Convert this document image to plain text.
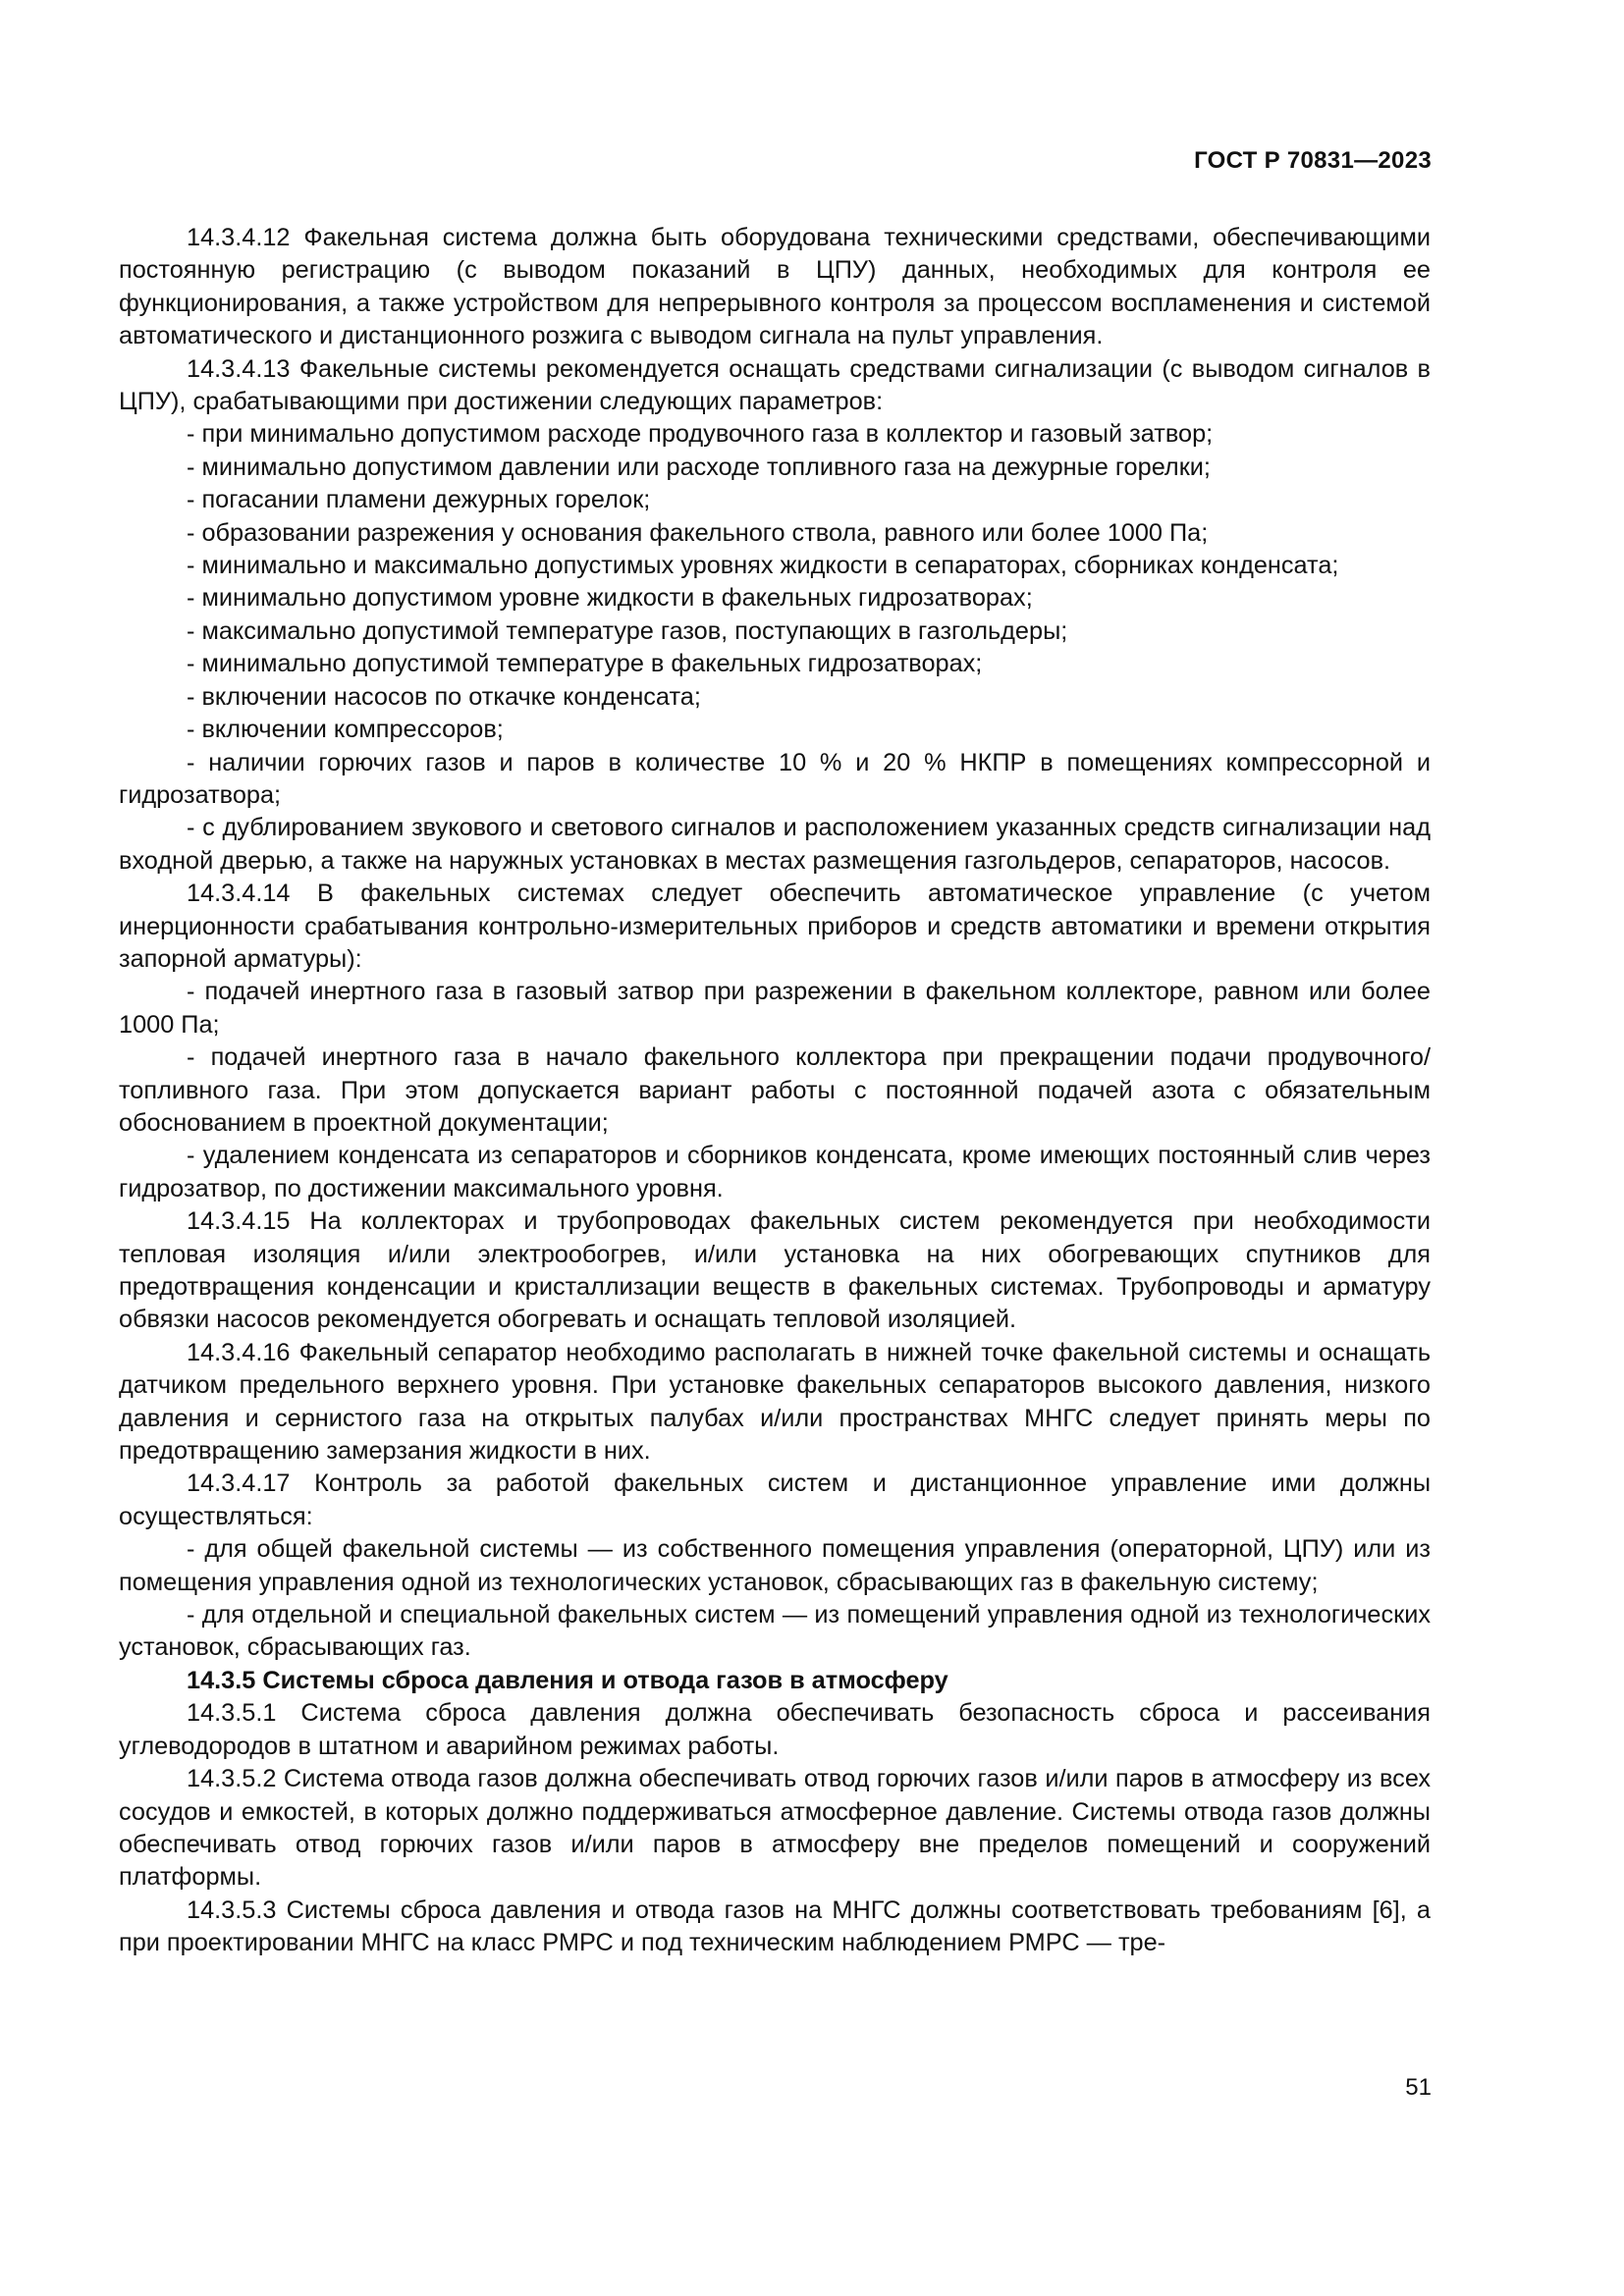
ГОСТ Р 70831—2023

14.3.4.12 Факельная система должна быть оборудована техническими средствами, обеспечивающими постоянную регистрацию (с выводом показаний в ЦПУ) данных, необходимых для контроля ее функционирования, а также устройством для непрерывного контроля за процессом воспламенения и системой автоматического и дистанционного розжига с выводом сигнала на пульт управления.

14.3.4.13 Факельные системы рекомендуется оснащать средствами сигнализации (с выводом сигналов в ЦПУ), срабатывающими при достижении следующих параметров:

- при минимально допустимом расходе продувочного газа в коллектор и газовый затвор;

- минимально допустимом давлении или расходе топливного газа на дежурные горелки;

- погасании пламени дежурных горелок;

- образовании разрежения у основания факельного ствола, равного или более 1000 Па;

- минимально и максимально допустимых уровнях жидкости в сепараторах, сборниках конденсата;

- минимально допустимом уровне жидкости в факельных гидрозатворах;

- максимально допустимой температуре газов, поступающих в газгольдеры;

- минимально допустимой температуре в факельных гидрозатворах;

- включении насосов по откачке конденсата;

- включении компрессоров;

- наличии горючих газов и паров в количестве 10 % и 20 % НКПР в помещениях компрессорной и гидрозатвора;

- с дублированием звукового и светового сигналов и расположением указанных средств сигнализации над входной дверью, а также на наружных установках в местах размещения газгольдеров, сепараторов, насосов.

14.3.4.14 В факельных системах следует обеспечить автоматическое управление (с учетом инерционности срабатывания контрольно-измерительных приборов и средств автоматики и времени открытия запорной арматуры):

- подачей инертного газа в газовый затвор при разрежении в факельном коллекторе, равном или более 1000 Па;

- подачей инертного газа в начало факельного коллектора при прекращении подачи продувочного/топливного газа. При этом допускается вариант работы с постоянной подачей азота с обязательным обоснованием в проектной документации;

- удалением конденсата из сепараторов и сборников конденсата, кроме имеющих постоянный слив через гидрозатвор, по достижении максимального уровня.

14.3.4.15 На коллекторах и трубопроводах факельных систем рекомендуется при необходимости тепловая изоляция и/или электрообогрев, и/или установка на них обогревающих спутников для предотвращения конденсации и кристаллизации веществ в факельных системах. Трубопроводы и арматуру обвязки насосов рекомендуется обогревать и оснащать тепловой изоляцией.

14.3.4.16 Факельный сепаратор необходимо располагать в нижней точке факельной системы и оснащать датчиком предельного верхнего уровня. При установке факельных сепараторов высокого давления, низкого давления и сернистого газа на открытых палубах и/или пространствах МНГС следует принять меры по предотвращению замерзания жидкости в них.

14.3.4.17 Контроль за работой факельных систем и дистанционное управление ими должны осуществляться:

- для общей факельной системы — из собственного помещения управления (операторной, ЦПУ) или из помещения управления одной из технологических установок, сбрасывающих газ в факельную систему;

- для отдельной и специальной факельных систем — из помещений управления одной из технологических установок, сбрасывающих газ.

14.3.5 Системы сброса давления и отвода газов в атмосферу

14.3.5.1 Система сброса давления должна обеспечивать безопасность сброса и рассеивания углеводородов в штатном и аварийном режимах работы.

14.3.5.2 Система отвода газов должна обеспечивать отвод горючих газов и/или паров в атмосферу из всех сосудов и емкостей, в которых должно поддерживаться атмосферное давление. Системы отвода газов должны обеспечивать отвод горючих газов и/или паров в атмосферу вне пределов помещений и сооружений платформы.

14.3.5.3 Системы сброса давления и отвода газов на МНГС должны соответствовать требованиям [6], а при проектировании МНГС на класс РМРС и под техническим наблюдением РМРС — тре-

51
